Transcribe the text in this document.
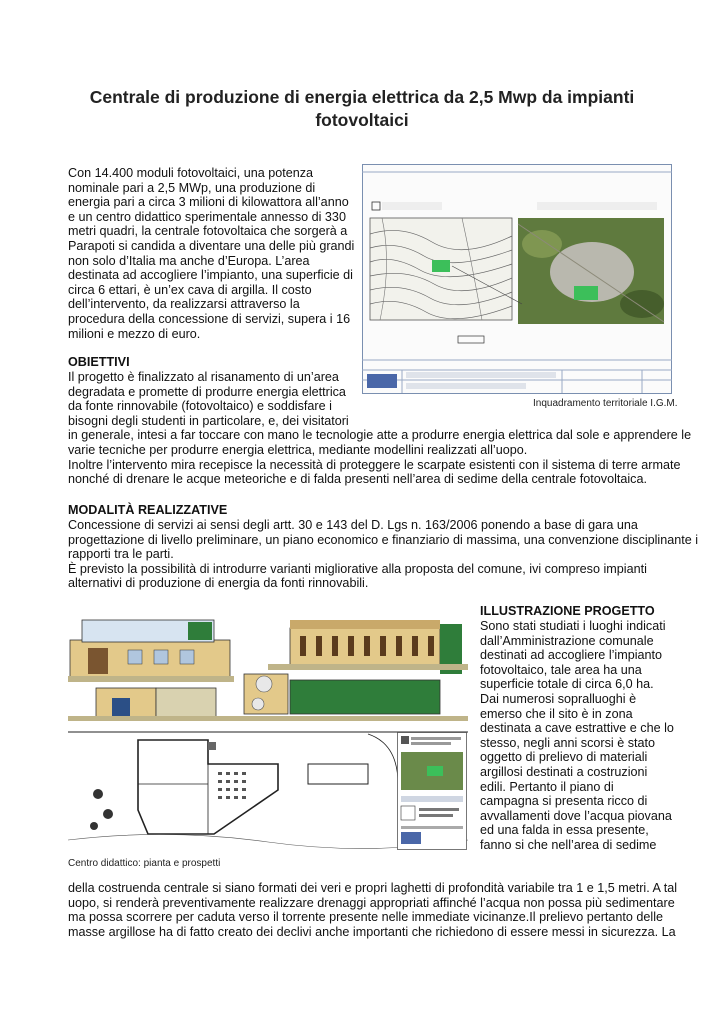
Centrale di produzione di energia elettrica da 2,5 Mwp da impianti
fotovoltaici
Con 14.400 moduli fotovoltaici, una potenza
nominale pari a 2,5 MWp, una produzione di
energia pari a circa 3 milioni di kilowattora all’anno
e un centro didattico sperimentale annesso di 330
metri quadri, la centrale fotovoltaica che sorgerà a
Parapoti si candida a diventare una delle più grandi
non solo d’Italia ma anche d’Europa. L’area
destinata ad accogliere l’impianto, una superficie di
circa 6 ettari, è un’ex cava di argilla. Il costo
dell’intervento, da realizzarsi attraverso la
procedura della concessione di servizi, supera i 16
milioni e mezzo di euro.
Inquadramento territoriale I.G.M.
OBIETTIVI
Il progetto è finalizzato al risanamento di un’area
degradata e promette di produrre energia elettrica
da fonte rinnovabile (fotovoltaico) e soddisfare i
bisogni degli studenti in particolare, e, dei visitatori
in generale, intesi a far toccare con mano le tecnologie atte a produrre energia elettrica dal sole e apprendere le
varie tecniche per produrre energia elettrica, mediante modellini realizzati all’uopo.
Inoltre l’intervento mira recepisce la necessità di proteggere le scarpate esistenti con il sistema di terre armate
nonché di drenare le acque meteoriche e di falda presenti nell’area di sedime della centrale fotovoltaica.
MODALITÀ REALIZZATIVE
Concessione di servizi ai sensi degli artt. 30 e 143 del D. Lgs n. 163/2006 ponendo a base di gara una
progettazione di livello preliminare, un piano economico e finanziario di massima, una convenzione disciplinante i
rapporti tra le parti.
È previsto la possibilità di introdurre varianti migliorative alla proposta del comune, ivi compreso impianti
alternativi di produzione di energia da fonti rinnovabili.
Centro didattico: pianta e prospetti
ILLUSTRAZIONE PROGETTO
Sono stati studiati i luoghi indicati
dall’Amministrazione comunale
destinati ad accogliere l’impianto
fotovoltaico, tale area ha una
superficie totale di circa 6,0 ha.
Dai numerosi sopralluoghi è
emerso che il sito è in zona
destinata a cave estrattive e che lo
stesso, negli anni scorsi è stato
oggetto di prelievo di materiali
argillosi destinati a costruzioni
edili. Pertanto il piano di
campagna si presenta ricco di
avvallamenti dove l’acqua piovana
ed una falda in essa presente,
fanno si che nell’area di sedime
della costruenda centrale si siano formati dei veri e propri laghetti di profondità variabile tra 1 e 1,5 metri. A tal
uopo, si renderà preventivamente realizzare drenaggi appropriati affinché l’acqua non possa più sedimentare
ma possa scorrere per caduta verso il torrente presente nelle immediate vicinanze.Il prelievo pertanto delle
masse argillose ha di fatto creato dei declivi anche importanti che richiedono di essere messi in sicurezza. La
